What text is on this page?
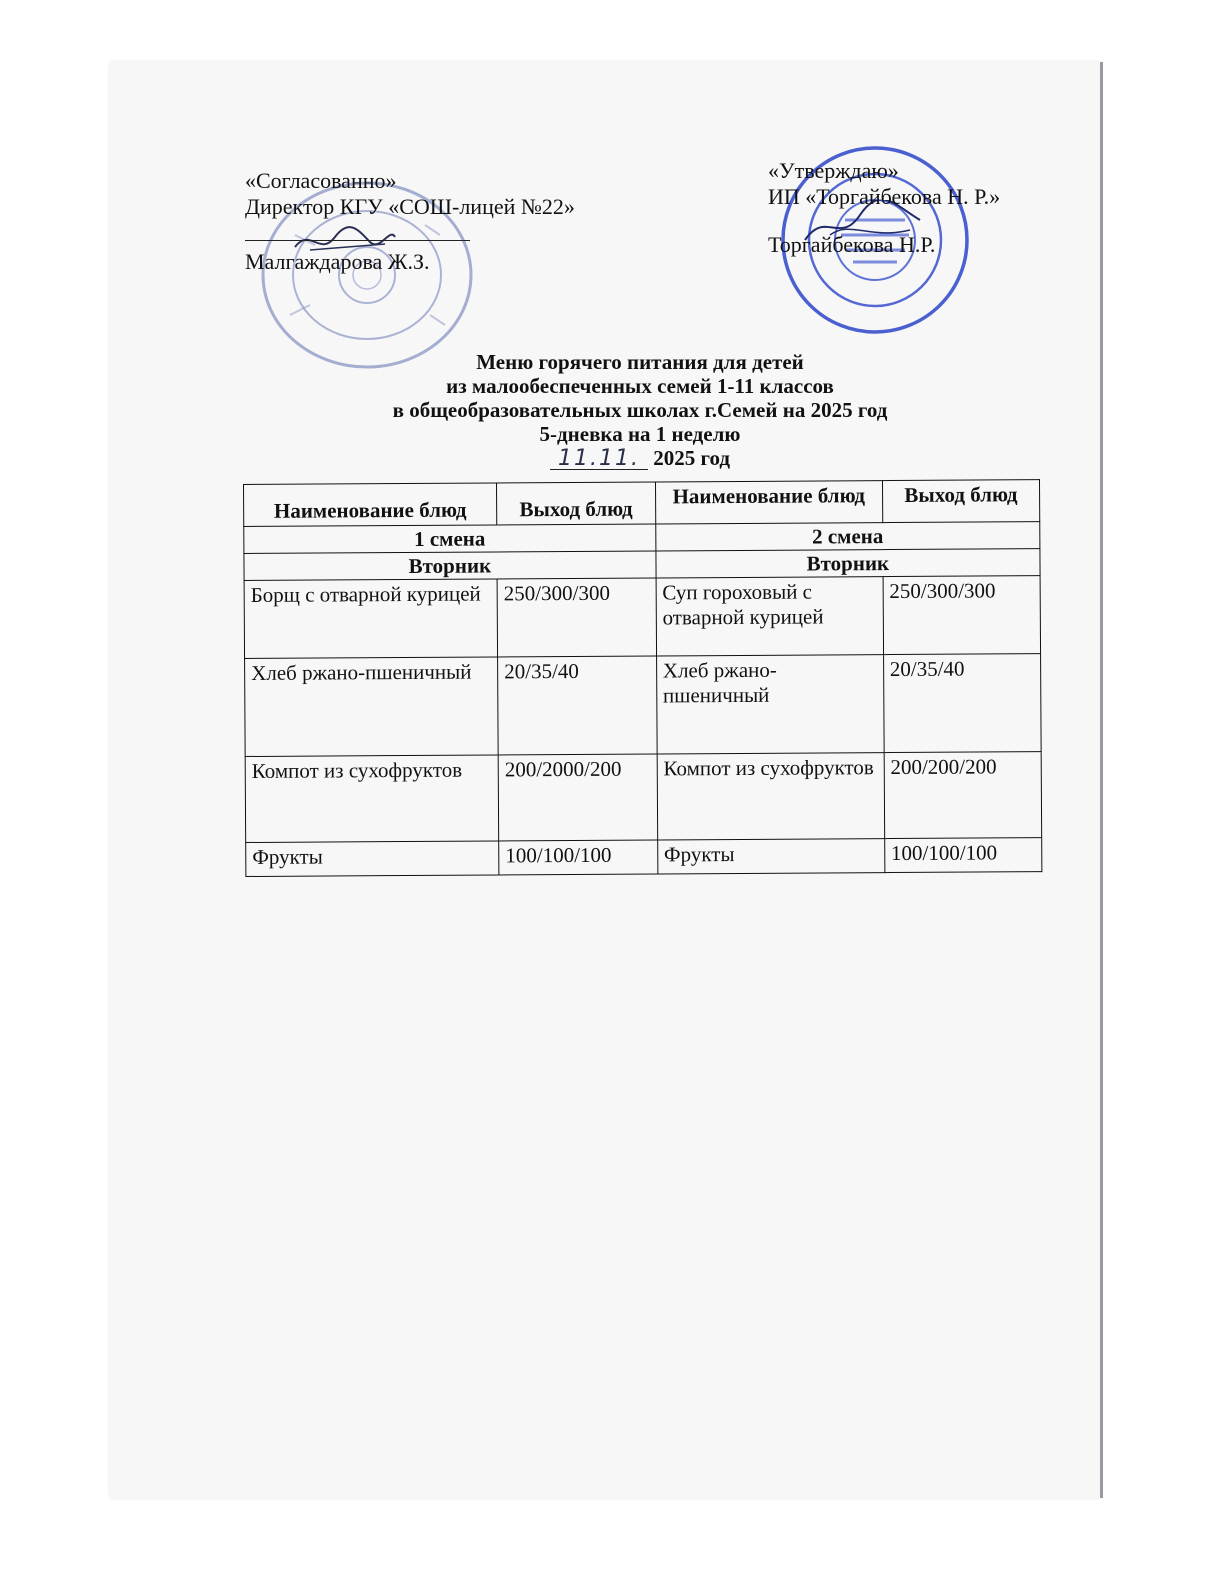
«Согласованно»
Директор КГУ «СОШ-лицей №22»
Малгаждарова Ж.З.
«Утверждаю»
ИП «Торгайбекова Н. Р.»
Торгайбекова Н.Р.
Меню горячего питания для детей
из малообеспеченных семей 1-11 классов
в общеобразовательных школах г.Семей на 2025 год
5-дневка на 1 неделю
11.11. 2025 год
Наименование блюд	Выход блюд	Наименование блюд	Выход блюд
1 смена		2 смена	
Вторник		Вторник	
Борщ с отварной курицей	250/300/300	Суп гороховый с отварной курицей	250/300/300
Хлеб ржано-пшеничный	20/35/40	Хлеб ржано-пшеничный	20/35/40
Компот из сухофруктов	200/2000/200	Компот из сухофруктов	200/200/200
Фрукты	100/100/100	Фрукты	100/100/100
